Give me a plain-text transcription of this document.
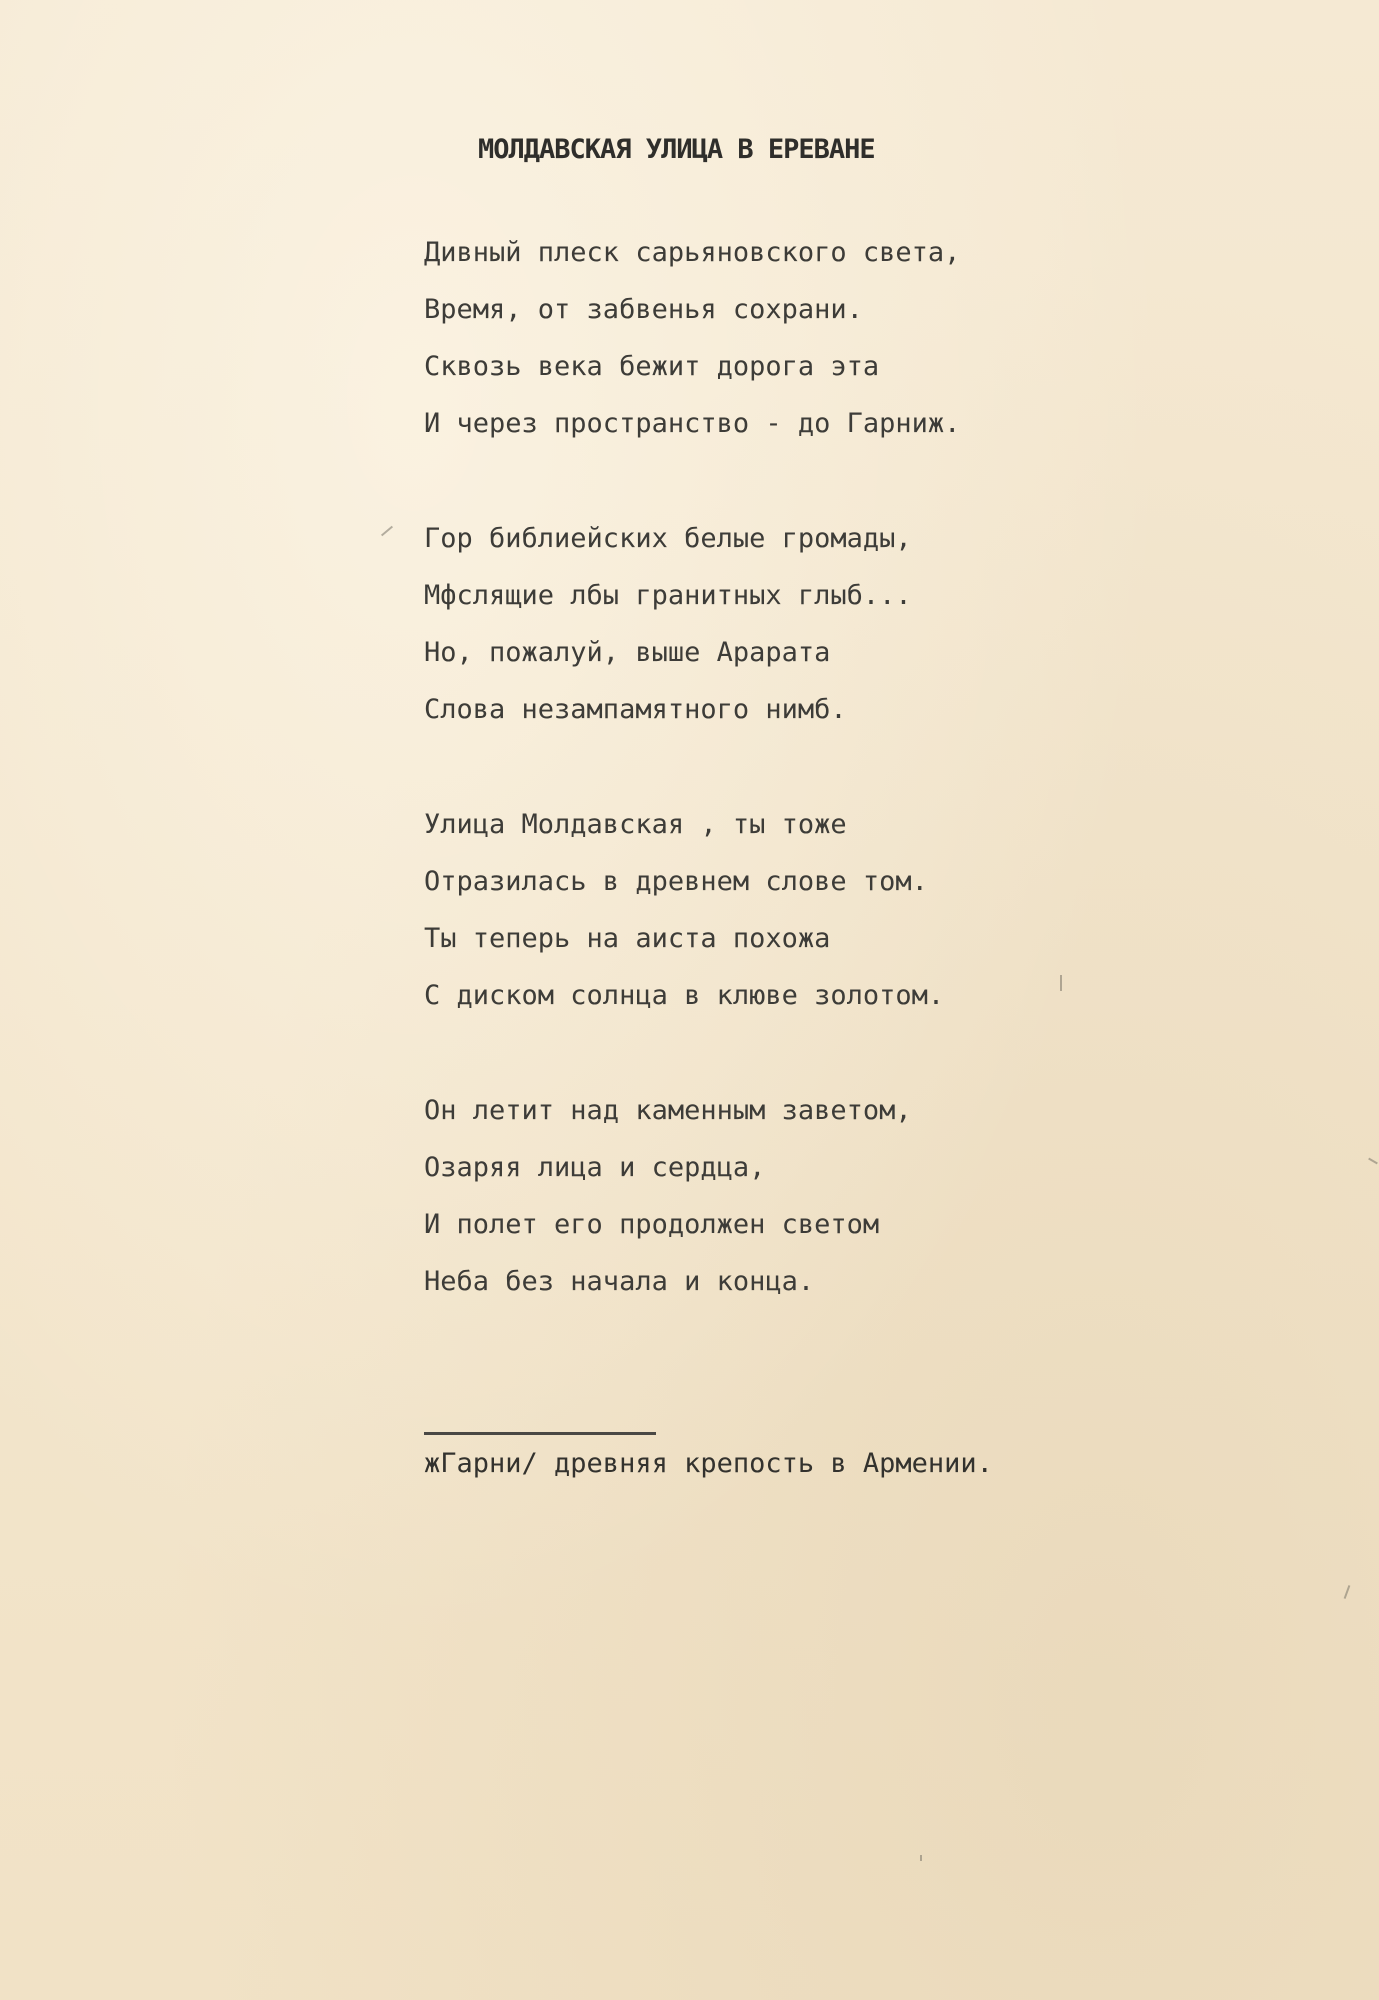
МОЛДАВСКАЯ УЛИЦА В ЕРЕВАНЕ
Дивный плеск сарьяновского света,
Время, от забвенья сохрани.
Сквозь века бежит дорога эта
И через пространство - до Гарниж.
Гор библиейских белые громады,
Мфслящие лбы гранитных глыб...
Но, пожалуй, выше Арарата
Слова незампамятного нимб.
Улица Молдавская , ты тоже
Отразилась в древнем слове том.
Ты теперь на аиста похожа
С диском солнца в клюве золотом.
Он летит над каменным заветом,
Озаряя лица и сердца,
И полет его продолжен светом
Неба без начала и конца.
жГарни/ древняя крепость в Армении.
